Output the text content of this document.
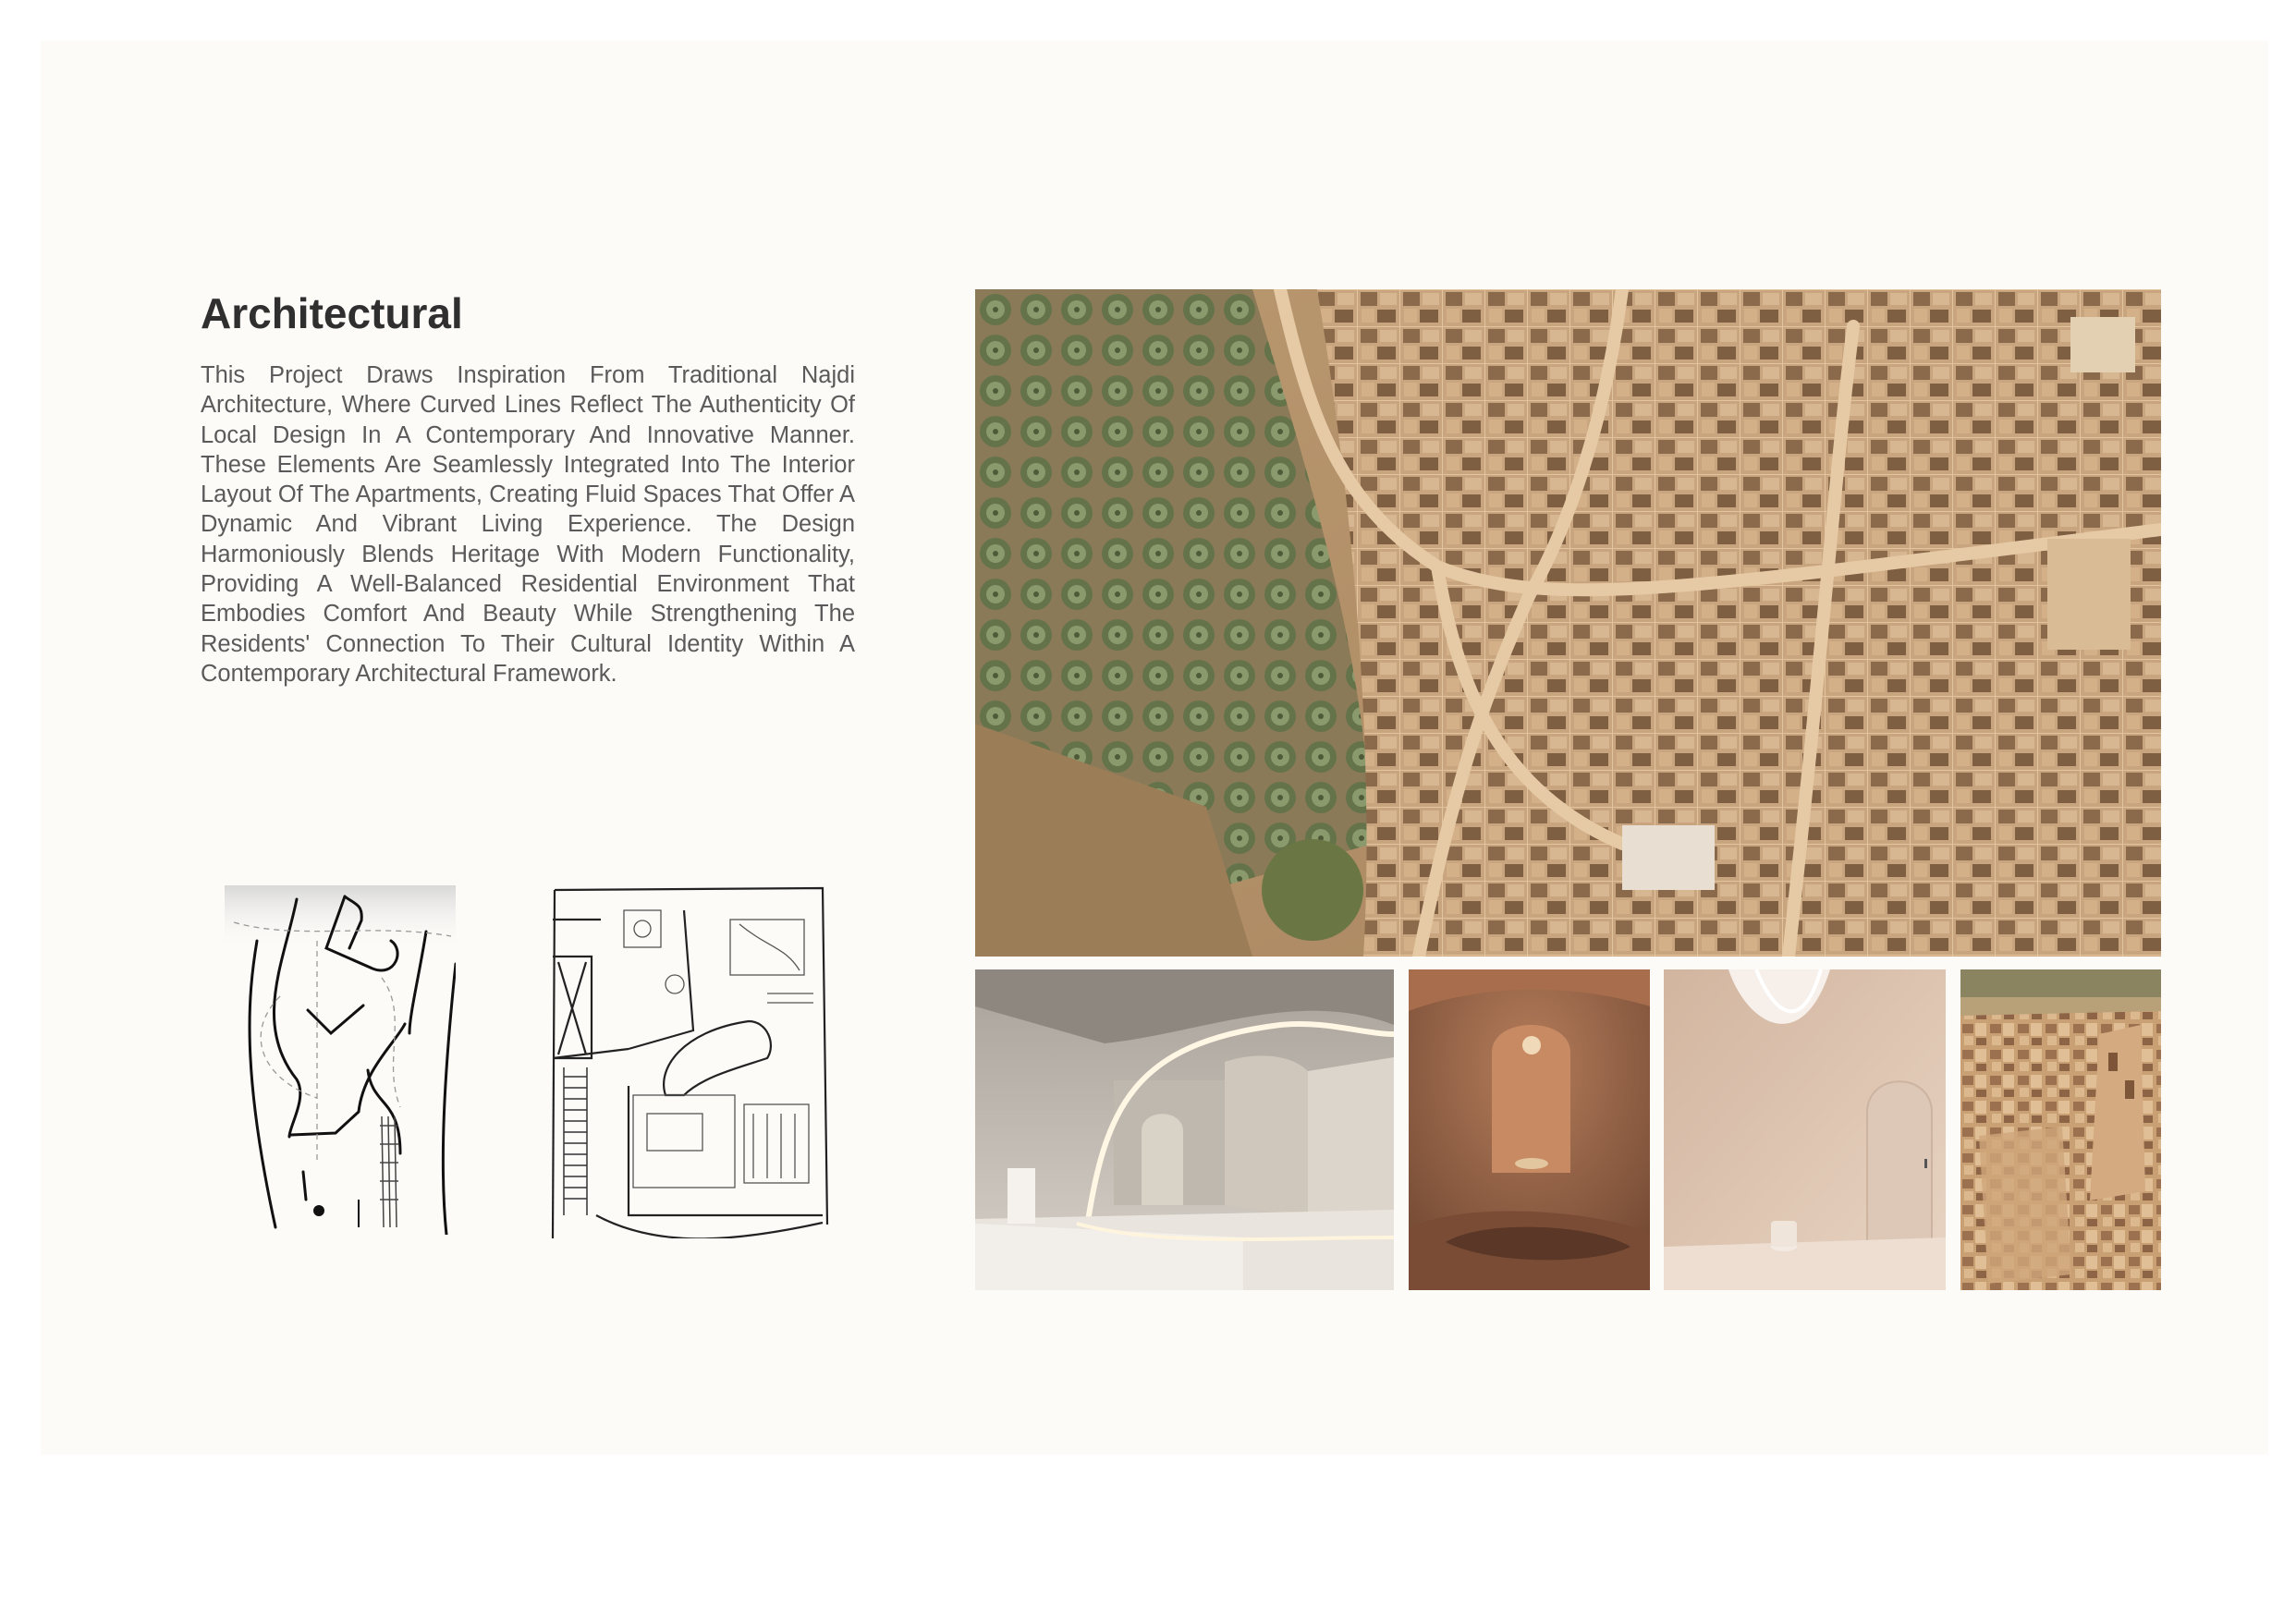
Architectural

This Project Draws Inspiration From Traditional Najdi Architecture, Where Curved Lines Reflect The Authenticity Of Local Design In A Contemporary And Innovative Manner. These Elements Are Seamlessly Integrated Into The Interior Layout Of The Apartments, Creating Fluid Spaces That Offer A Dynamic And Vibrant Living Experience. The Design Harmoniously Blends Heritage With Modern Functionality, Providing A Well-Balanced Residential Environment That Embodies Comfort And Beauty While Strengthening The Residents' Connection To Their Cultural Identity Within A Contemporary Architectural Framework.
